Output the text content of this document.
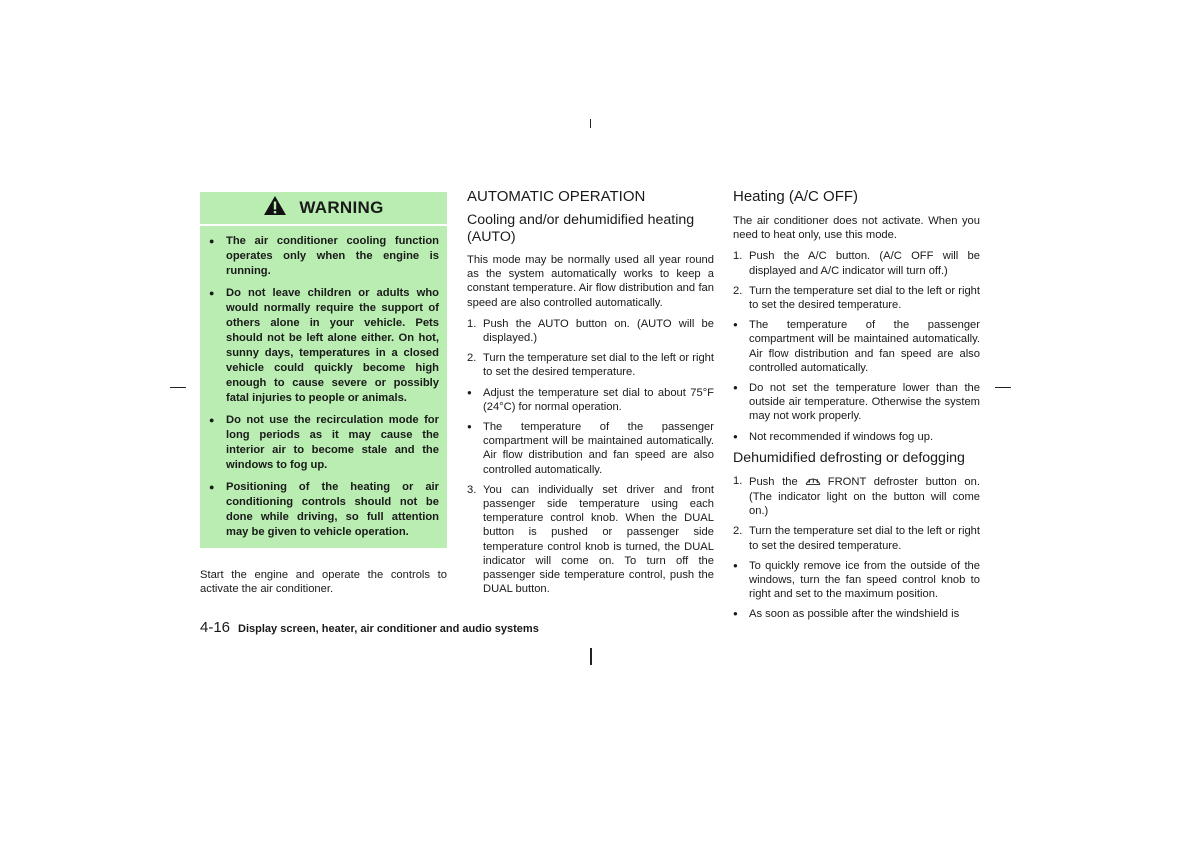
WARNING
●	The air conditioner cooling function operates only when the engine is running.
●	Do not leave children or adults who would normally require the support of others alone in your vehicle. Pets should not be left alone either. On hot, sunny days, temperatures in a closed vehicle could quickly become high enough to cause severe or possibly fatal injuries to people or animals.
●	Do not use the recirculation mode for long periods as it may cause the interior air to become stale and the windows to fog up.
●	Positioning of the heating or air conditioning controls should not be done while driving, so full attention may be given to vehicle operation.

Start the engine and operate the controls to activate the air conditioner.

AUTOMATIC OPERATION
Cooling and/or dehumidified heating (AUTO)

This mode may be normally used all year round as the system automatically works to keep a constant temperature. Air flow distribution and fan speed are also controlled automatically.

1. Push the AUTO button on. (AUTO will be displayed.)
2. Turn the temperature set dial to the left or right to set the desired temperature.
● Adjust the temperature set dial to about 75°F (24°C) for normal operation.
● The temperature of the passenger compartment will be maintained automatically. Air flow distribution and fan speed are also controlled automatically.
3. You can individually set driver and front passenger side temperature using each temperature control knob. When the DUAL button is pushed or passenger side temperature control knob is turned, the DUAL indicator will come on. To turn off the passenger side temperature control, push the DUAL button.
Heating (A/C OFF)

The air conditioner does not activate. When you need to heat only, use this mode.

1. Push the A/C button. (A/C OFF will be displayed and A/C indicator will turn off.)
2. Turn the temperature set dial to the left or right to set the desired temperature.
● The temperature of the passenger compartment will be maintained automatically. Air flow distribution and fan speed are also controlled automatically.
● Do not set the temperature lower than the outside air temperature. Otherwise the system may not work properly.
● Not recommended if windows fog up.
Dehumidified defrosting or defogging
1. Push the	FRONT defroster button on. (The indicator light on the button will come on.)
2. Turn the temperature set dial to the left or right to set the desired temperature.
● To quickly remove ice from the outside of the windows, turn the fan speed control knob to right and set to the maximum position.
● As soon as possible after the windshield is
4-16 Display screen, heater, air conditioner and audio systems
